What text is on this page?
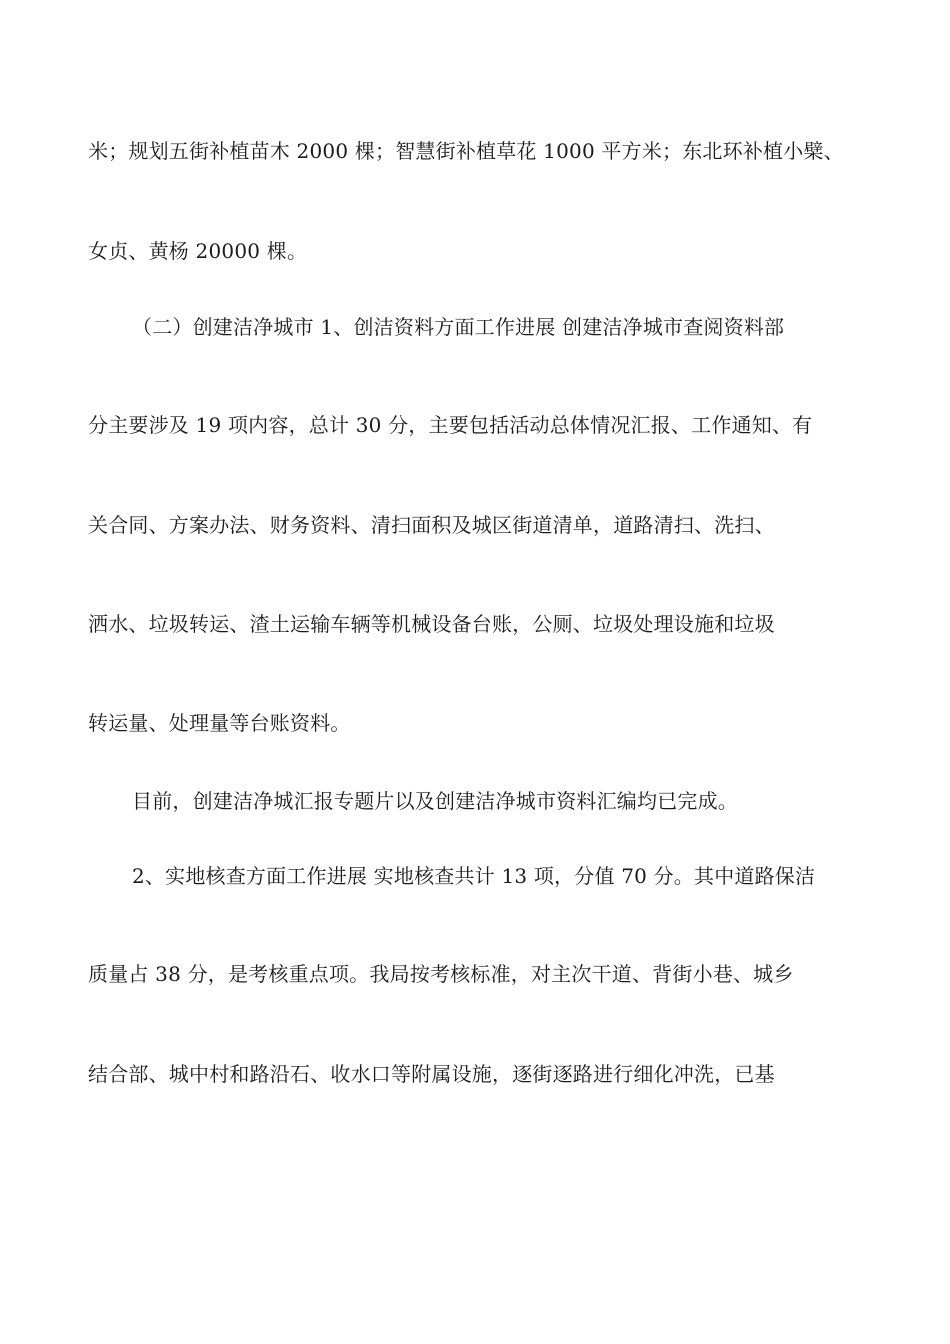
米；规划五街补植苗木 2000 棵；智慧街补植草花 1000 平方米；东北环补植小檗、
女贞、黄杨 20000 棵。
（二）创建洁净城市 1、创洁资料方面工作进展 创建洁净城市查阅资料部
分主要涉及 19 项内容，总计 30 分，主要包括活动总体情况汇报、工作通知、有
关合同、方案办法、财务资料、清扫面积及城区街道清单，道路清扫、洗扫、
洒水、垃圾转运、渣土运输车辆等机械设备台账，公厕、垃圾处理设施和垃圾
转运量、处理量等台账资料。
目前，创建洁净城汇报专题片以及创建洁净城市资料汇编均已完成。
2、实地核查方面工作进展 实地核查共计 13 项，分值 70 分。其中道路保洁
质量占 38 分，是考核重点项。我局按考核标准，对主次干道、背街小巷、城乡
结合部、城中村和路沿石、收水口等附属设施，逐街逐路进行细化冲洗，已基
